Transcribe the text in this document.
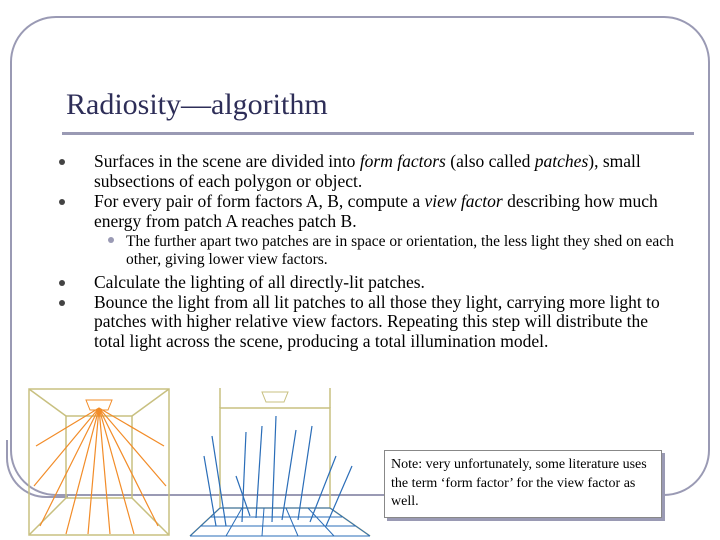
Radiosity—algorithm
Surfaces in the scene are divided into form factors (also called patches), small subsections of each polygon or object.
For every pair of form factors A, B, compute a view factor describing how much energy from patch A reaches patch B.
The further apart two patches are in space or orientation, the less light they shed on each other, giving lower view factors.
Calculate the lighting of all directly-lit patches.
Bounce the light from all lit patches to all those they light, carrying more light to patches with higher relative view factors. Repeating this step will distribute the total light across the scene, producing a total illumination model.
Note: very unfortunately, some literature uses the term ‘form factor’ for the view factor as well.
